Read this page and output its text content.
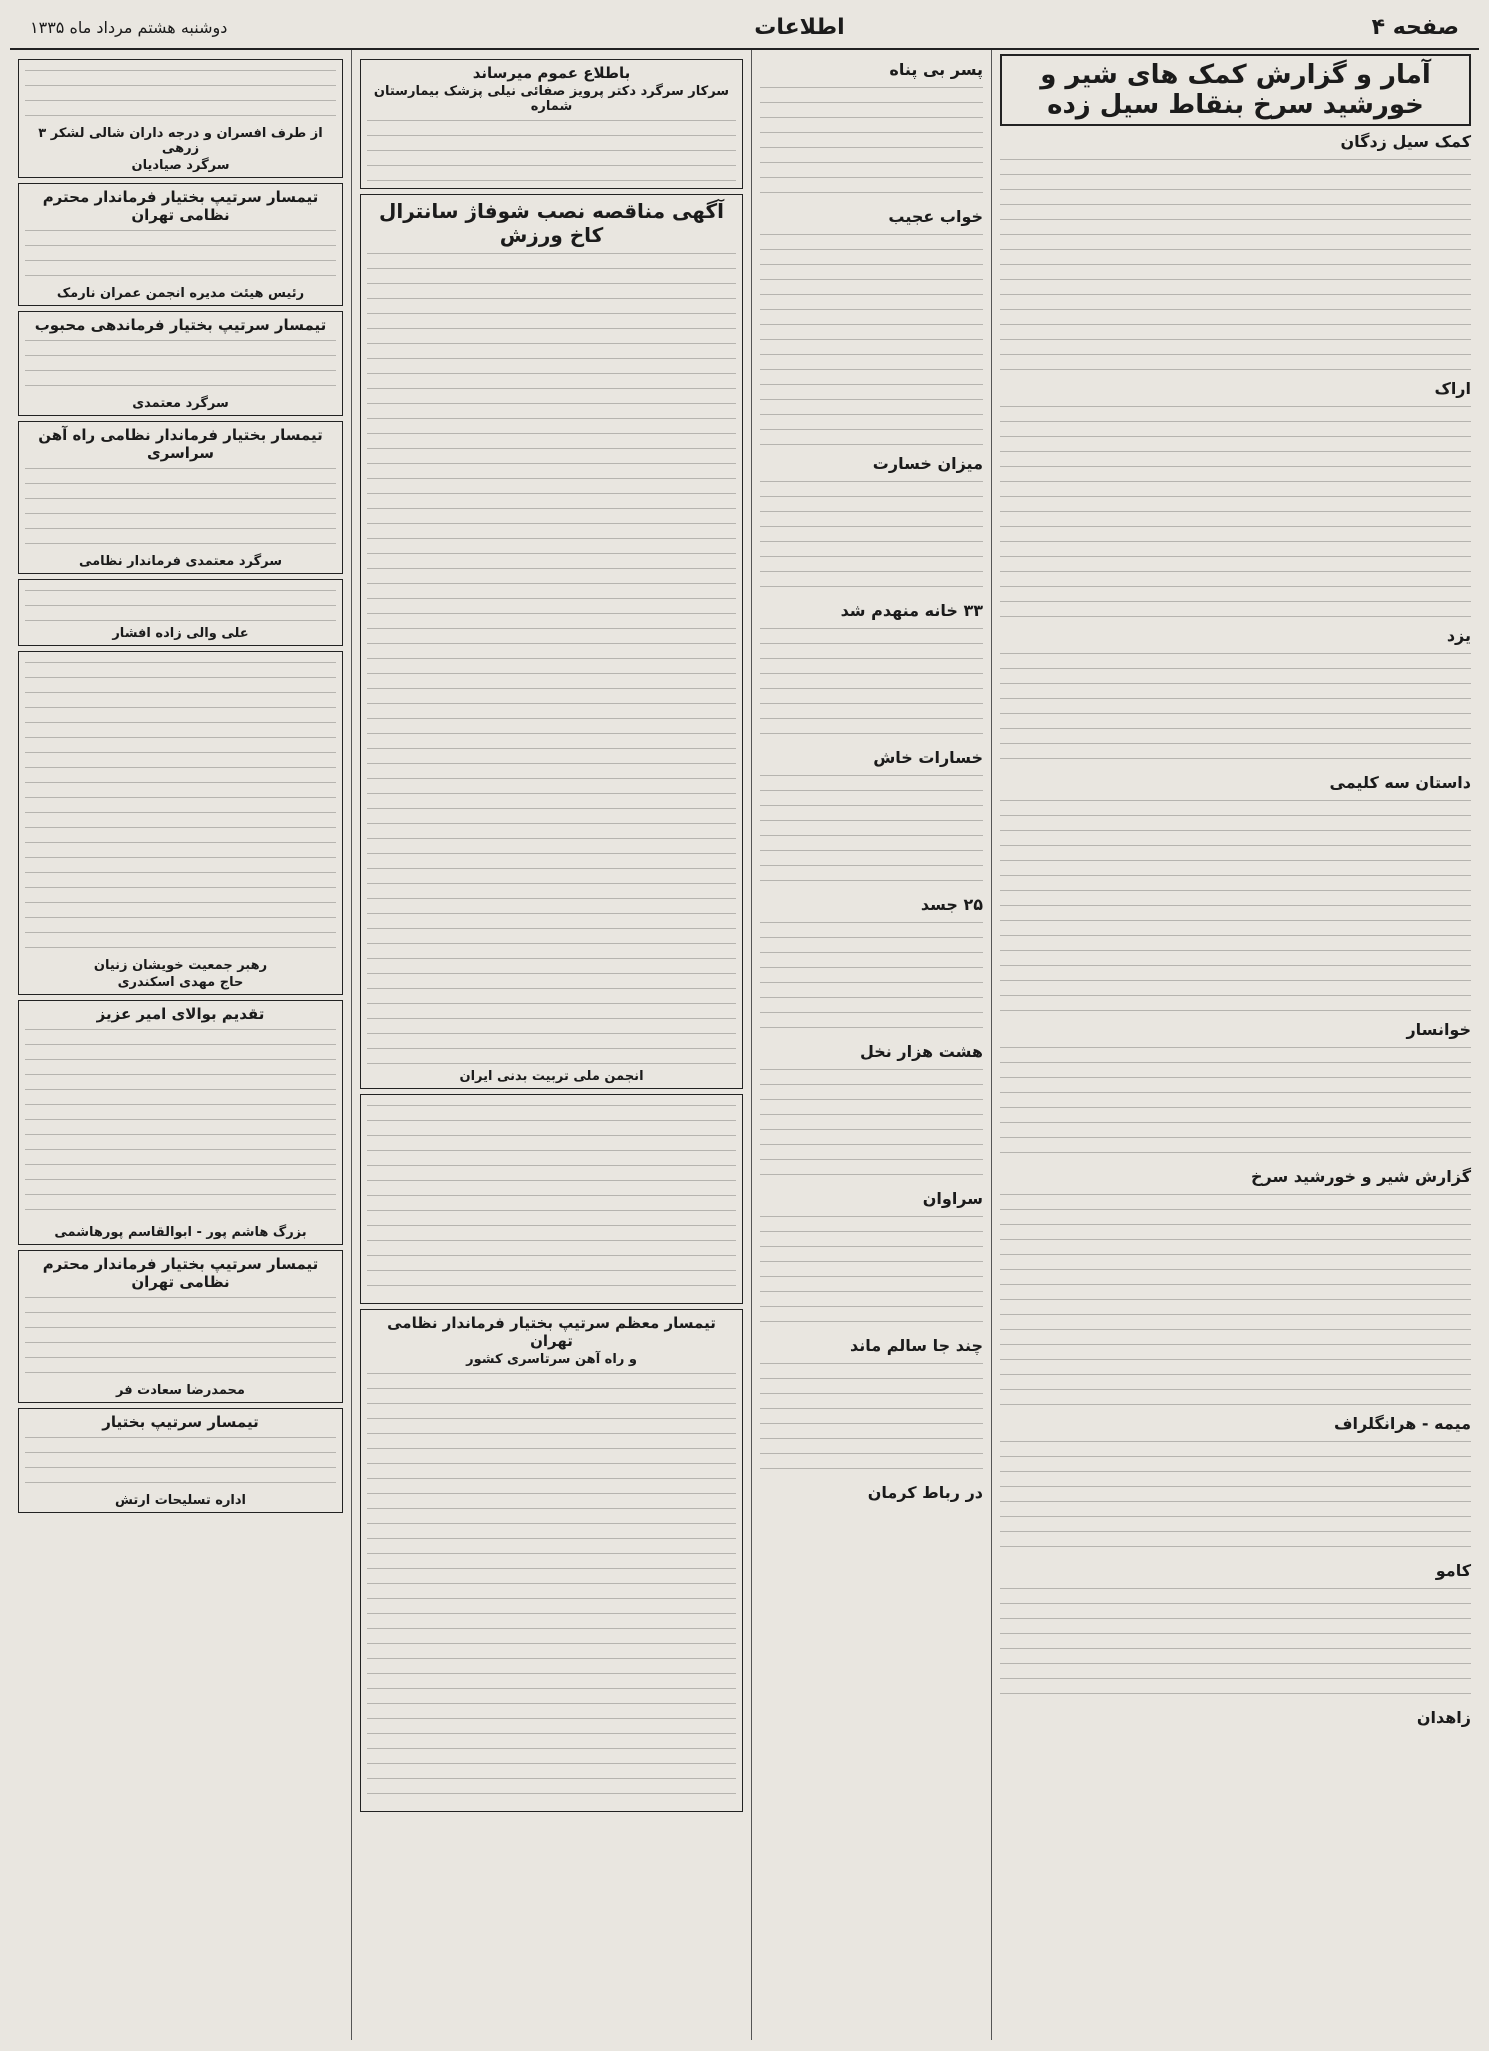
صفحه ۴
اطلاعات
دوشنبه هشتم مرداد ماه ۱۳۳۵
آمار و گزارش کمک های شیر و خورشید سرخ بنقاط سیل زده
کمک سیل زدگان
اراک
یزد
داستان سه کلیمی
خوانسار
گزارش شیر و خورشید سرخ
میمه - هرانگلراف
کامو
زاهدان
پسر بی پناه
خواب عجیب
میزان خسارت
۳۳ خانه منهدم شد
خسارات خاش
۲۵ جسد
هشت هزار نخل
سراوان
چند جا سالم ماند
در رباط کرمان
باطلاع عموم میرساند
سرکار سرگرد دکتر پرویز صفائی نیلی پزشک بیمارستان شماره
آگهی مناقصه نصب شوفاژ سانترال کاخ ورزش
انجمن ملی تربیت بدنی ایران
تیمسار معظم سرتیپ بختیار فرماندار نظامی تهران
و راه آهن سرتاسری کشور
از طرف افسران و درجه داران شالی لشکر ۳ زرهی
سرگرد صیادیان
تیمسار سرتیپ بختیار فرماندار محترم نظامی تهران
رئیس هیئت مدیره انجمن عمران نارمک
تیمسار سرتیپ بختیار فرماندهی محبوب
سرگرد معتمدی
تیمسار بختیار فرماندار نظامی راه آهن سراسری
سرگرد معتمدی فرماندار نظامی
علی والی زاده افشار
رهبر جمعیت خویشان زنیان
حاج مهدی اسکندری
تقدیم بوالای امیر عزیز
بزرگ هاشم پور - ابوالقاسم پورهاشمی
تیمسار سرتیپ بختیار فرماندار محترم نظامی تهران
محمدرضا سعادت فر
تیمسار سرتیپ بختیار
اداره تسلیحات ارتش
